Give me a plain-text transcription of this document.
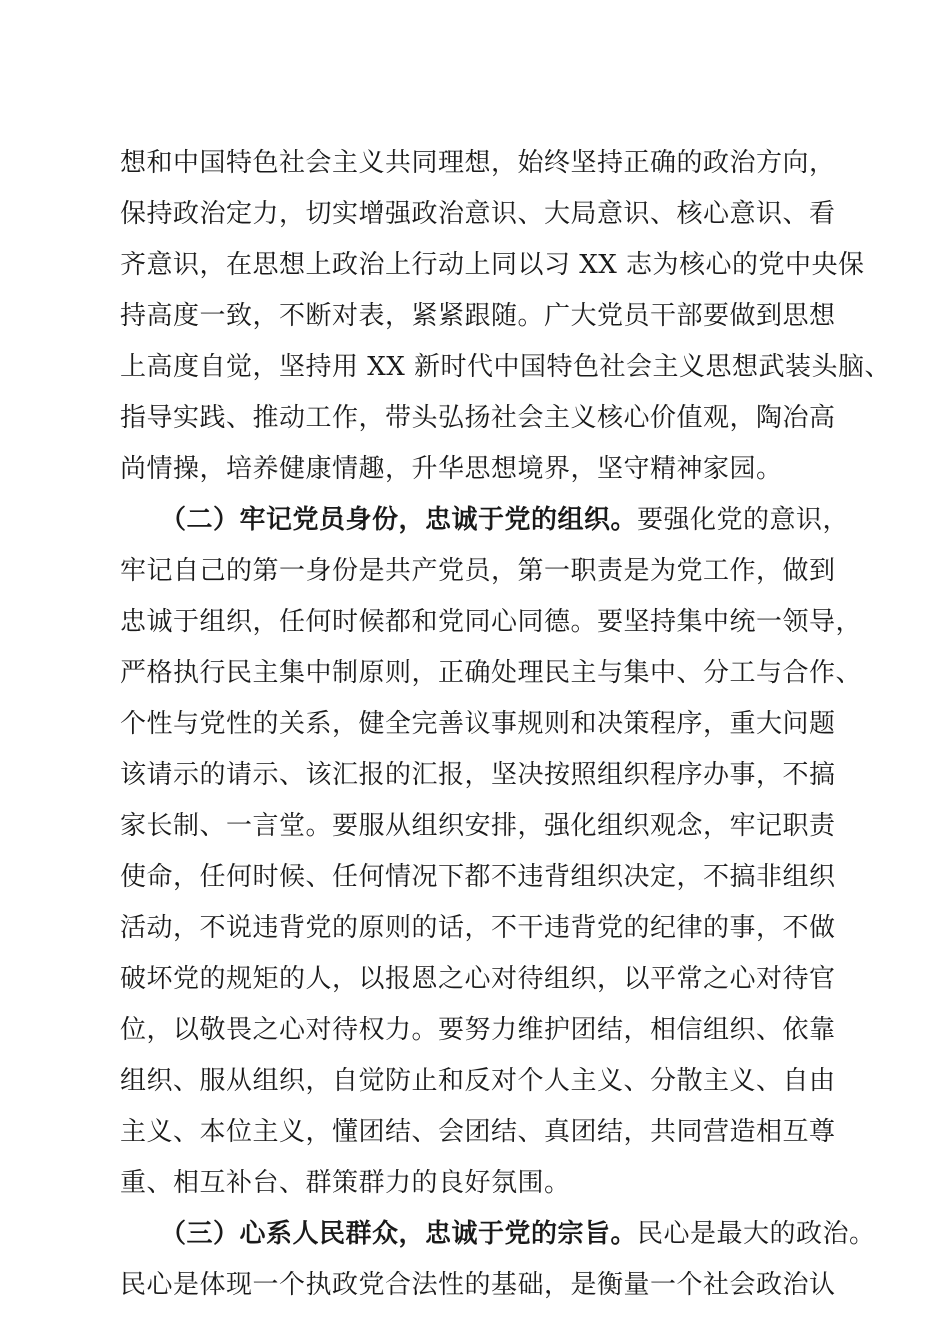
想和中国特色社会主义共同理想，始终坚持正确的政治方向，
保持政治定力，切实增强政治意识、大局意识、核心意识、看
齐意识，在思想上政治上行动上同以习 XX 志为核心的党中央保
持高度一致，不断对表，紧紧跟随。广大党员干部要做到思想
上高度自觉，坚持用 XX 新时代中国特色社会主义思想武装头脑、
指导实践、推动工作，带头弘扬社会主义核心价值观，陶冶高
尚情操，培养健康情趣，升华思想境界，坚守精神家园。
（二）牢记党员身份，忠诚于党的组织。要强化党的意识，
牢记自己的第一身份是共产党员，第一职责是为党工作，做到
忠诚于组织，任何时候都和党同心同德。要坚持集中统一领导，
严格执行民主集中制原则，正确处理民主与集中、分工与合作、
个性与党性的关系，健全完善议事规则和决策程序，重大问题
该请示的请示、该汇报的汇报，坚决按照组织程序办事，不搞
家长制、一言堂。要服从组织安排，强化组织观念，牢记职责
使命，任何时候、任何情况下都不违背组织决定，不搞非组织
活动，不说违背党的原则的话，不干违背党的纪律的事，不做
破坏党的规矩的人，以报恩之心对待组织，以平常之心对待官
位，以敬畏之心对待权力。要努力维护团结，相信组织、依靠
组织、服从组织，自觉防止和反对个人主义、分散主义、自由
主义、本位主义，懂团结、会团结、真团结，共同营造相互尊
重、相互补台、群策群力的良好氛围。
（三）心系人民群众，忠诚于党的宗旨。民心是最大的政治。
民心是体现一个执政党合法性的基础，是衡量一个社会政治认
